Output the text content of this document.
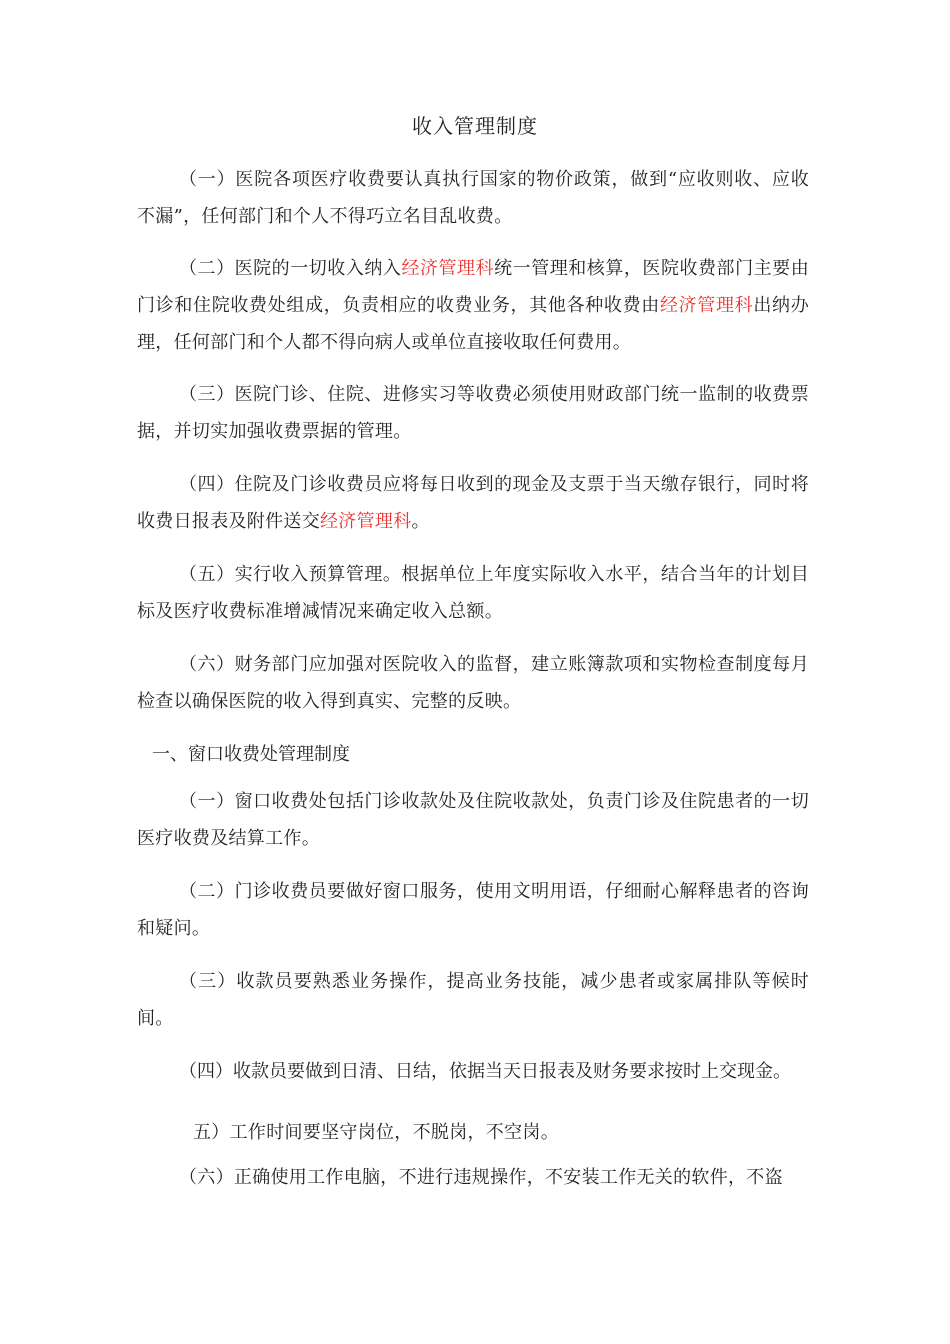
收入管理制度
（一）医院各项医疗收费要认真执行国家的物价政策，做到“应收则收、应收不漏”，任何部门和个人不得巧立名目乱收费。
（二）医院的一切收入纳入经济管理科统一管理和核算，医院收费部门主要由门诊和住院收费处组成，负责相应的收费业务，其他各种收费由经济管理科出纳办理，任何部门和个人都不得向病人或单位直接收取任何费用。
（三）医院门诊、住院、进修实习等收费必须使用财政部门统一监制的收费票据，并切实加强收费票据的管理。
（四）住院及门诊收费员应将每日收到的现金及支票于当天缴存银行，同时将收费日报表及附件送交经济管理科。
（五）实行收入预算管理。根据单位上年度实际收入水平，结合当年的计划目标及医疗收费标准增减情况来确定收入总额。
（六）财务部门应加强对医院收入的监督，建立账簿款项和实物检查制度每月检查以确保医院的收入得到真实、完整的反映。
一、窗口收费处管理制度
（一）窗口收费处包括门诊收款处及住院收款处，负责门诊及住院患者的一切医疗收费及结算工作。
（二）门诊收费员要做好窗口服务，使用文明用语，仔细耐心解释患者的咨询和疑问。
（三）收款员要熟悉业务操作，提高业务技能，减少患者或家属排队等候时间。
（四）收款员要做到日清、日结，依据当天日报表及财务要求按时上交现金。
五）工作时间要坚守岗位，不脱岗，不空岗。
（六）正确使用工作电脑，不进行违规操作，不安装工作无关的软件，不盗
